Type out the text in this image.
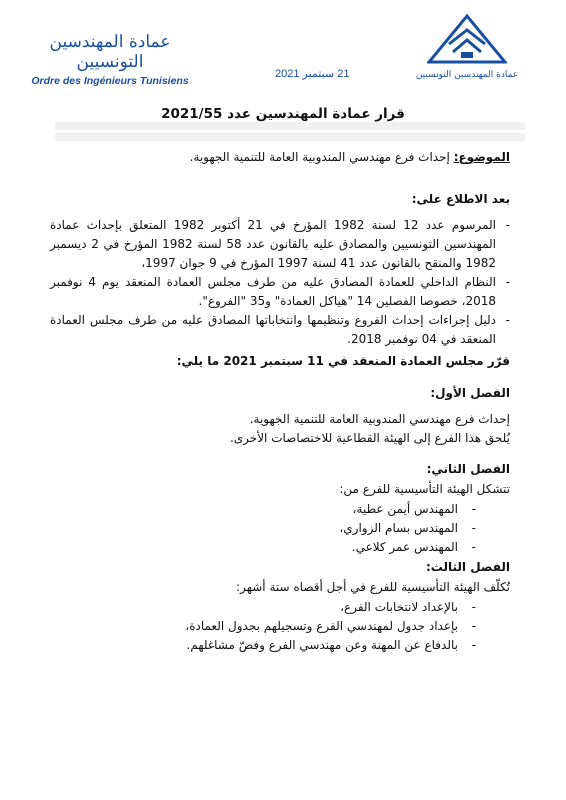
عمادة المهندسين التونسيين
Ordre des Ingénieurs Tunisiens	عمادة المهندسين التونسيين
21 سبتمبر 2021
قرار عمادة المهندسين عدد 2021/55
الموضوع: إحداث فرع مهندسي المندوبية العامة للتنمية الجهوية.
بعد الاطلاع على:
- المرسوم عدد 12 لسنة 1982 المؤرخ في 21 أكتوبر 1982 المتعلق بإحداث عمادة المهندسين التونسيين والمصادق عليه بالقانون عدد 58 لسنة 1982 المؤرخ في 2 ديسمبر 1982 والمنقح بالقانون عدد 41 لسنة 1997 المؤرخ في 9 جوان 1997،
- النظام الداخلي للعمادة المصادق عليه من طرف مجلس العمادة المنعقد يوم 4 نوفمبر 2018، خصوصا الفصلين 14 "هياكل العمادة" و35 "الفروع".
- دليل إجراءات إحداث الفروع وتنظيمها وانتخاباتها المصادق عليه من طرف مجلس العمادة المنعقد في 04 نوفمبر 2018.
قرّر مجلس العمادة المنعقد في 11 سبتمبر 2021 ما يلي:
الفصل الأول:
إحداث فرع مهندسي المندوبية العامة للتنمية الجهوية.
يُلحق هذا الفرع إلى الهيئة القطاعية للاختصاصات الأخرى.
الفصل الثاني:
تتشكل الهيئة التأسيسية للفرع من:
- المهندس أيمن عطية،
- المهندس بسام الزواري،
- المهندس عمر كلاعي.
الفصل الثالث:
تُكلّف الهيئة التأسيسية للفرع في أجل أقصاه ستة أشهر:
- بالإعداد لانتخابات الفرع،
- بإعداد جدول لمهندسي الفرع وتسجيلهم بجدول العمادة،
- بالدفاع عن المهنة وعن مهندسي الفرع وفضّ مشاغلهم.
